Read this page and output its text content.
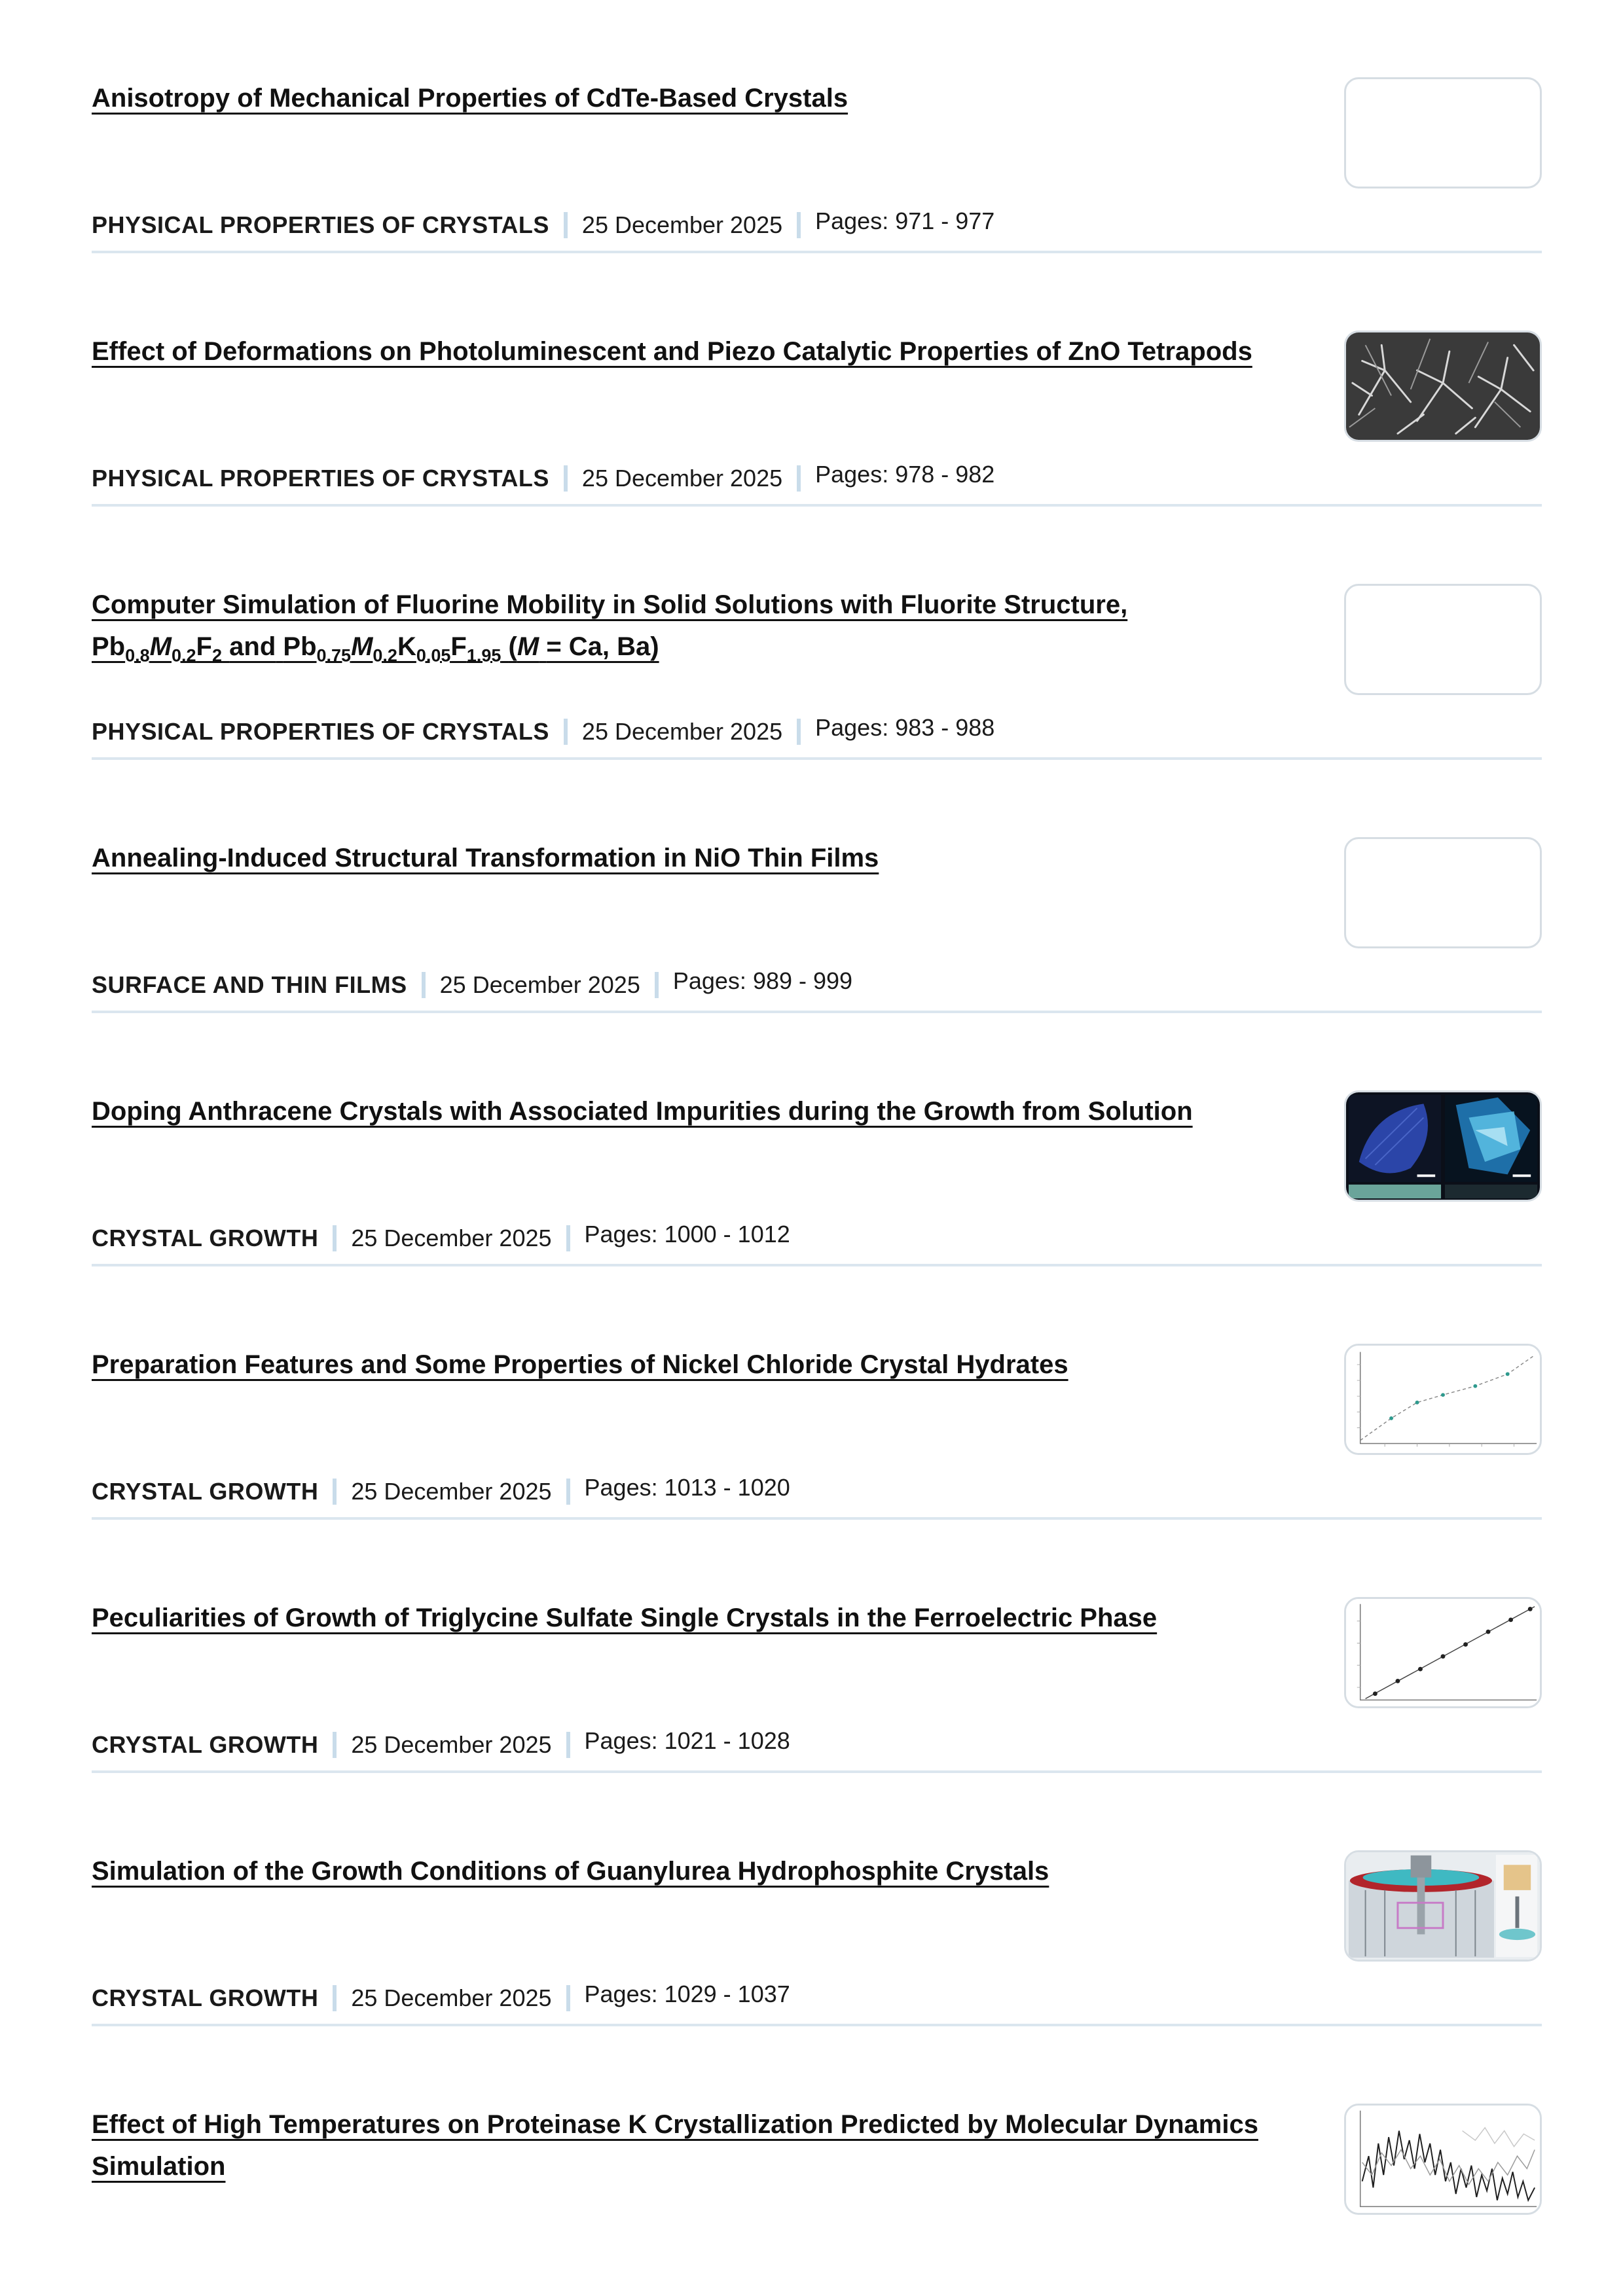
Anisotropy of Mechanical Properties of CdTe-Based Crystals
PHYSICAL PROPERTIES OF CRYSTALS 25 December 2025 Pages: 971 - 977
Effect of Deformations on Photoluminescent and Piezo Catalytic Properties of ZnO Tetrapods
PHYSICAL PROPERTIES OF CRYSTALS 25 December 2025 Pages: 978 - 982
Computer Simulation of Fluorine Mobility in Solid Solutions with Fluorite Structure,
$Pb_{0.8}M_{0.2}F_2$ and $Pb_{0.75}M_{0.2}K_{0.05}F_{1.95}$ (M = Ca, Ba)
PHYSICAL PROPERTIES OF CRYSTALS 25 December 2025 Pages: 983 - 988
Annealing-Induced Structural Transformation in NiO Thin Films
SURFACE AND THIN FILMS 25 December 2025 Pages: 989 - 999
Doping Anthracene Crystals with Associated Impurities during the Growth from Solution
CRYSTAL GROWTH 25 December 2025 Pages: 1000 - 1012
Preparation Features and Some Properties of Nickel Chloride Crystal Hydrates
CRYSTAL GROWTH 25 December 2025 Pages: 1013 - 1020
Peculiarities of Growth of Triglycine Sulfate Single Crystals in the Ferroelectric Phase
CRYSTAL GROWTH 25 December 2025 Pages: 1021 - 1028
Simulation of the Growth Conditions of Guanylurea Hydrophosphite Crystals
CRYSTAL GROWTH 25 December 2025 Pages: 1029 - 1037
Effect of High Temperatures on Proteinase K Crystallization Predicted by Molecular Dynamics Simulation
